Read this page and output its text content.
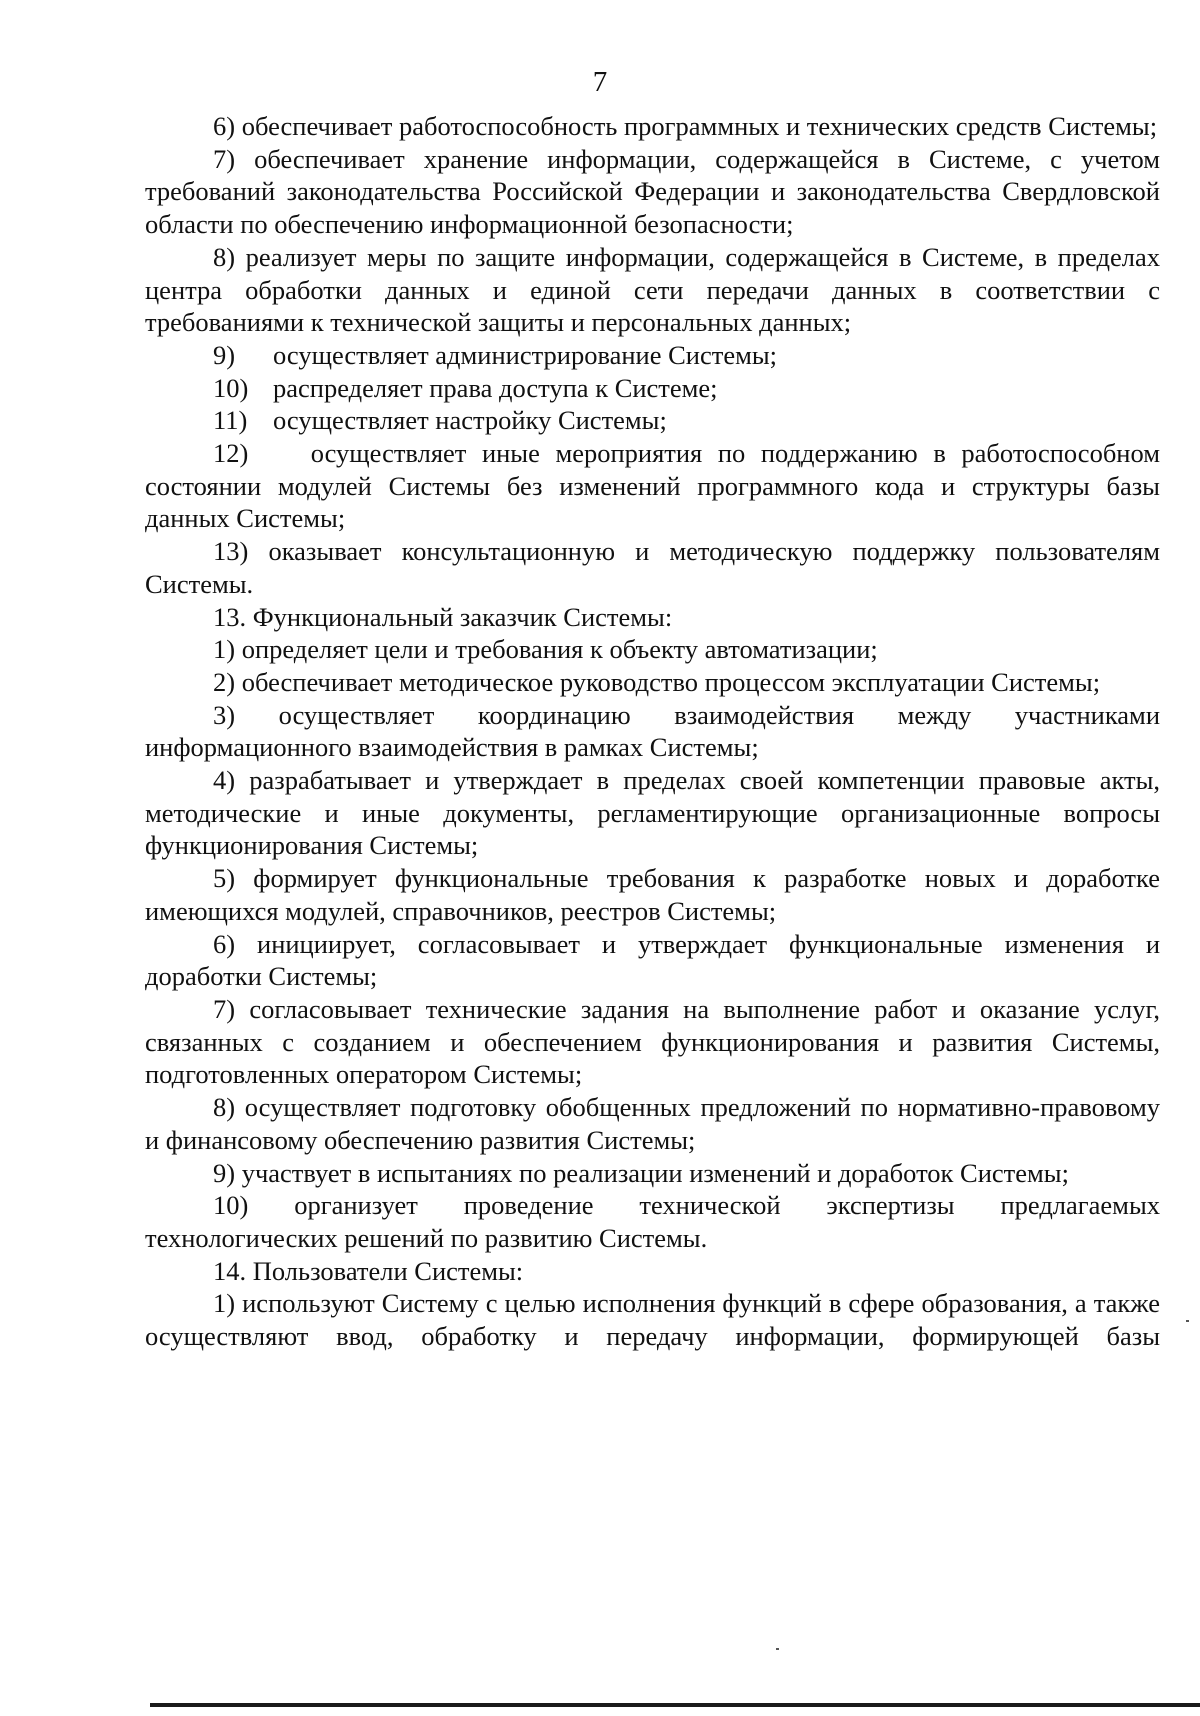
7

6) обеспечивает работоспособность программных и технических средств Системы;

7) обеспечивает хранение информации, содержащейся в Системе, с учетом требований законодательства Российской Федерации и законодательства Свердловской области по обеспечению информационной безопасности;

8) реализует меры по защите информации, содержащейся в Системе, в пределах центра обработки данных и единой сети передачи данных в соответствии с требованиями к технической защиты и персональных данных;

9)	осуществляет администрирование Системы;

10) распределяет права доступа к Системе;

11) осуществляет настройку Системы;

12) осуществляет иные мероприятия по поддержанию в работоспособном состоянии модулей Системы без изменений программного кода и структуры базы данных Системы;

13) оказывает консультационную и методическую поддержку пользователям Системы.

13. Функциональный заказчик Системы:

1) определяет цели и требования к объекту автоматизации;

2) обеспечивает методическое руководство процессом эксплуатации Системы;

3) осуществляет координацию взаимодействия между участниками информационного взаимодействия в рамках Системы;

4) разрабатывает и утверждает в пределах своей компетенции правовые акты, методические и иные документы, регламентирующие организационные вопросы функционирования Системы;

5) формирует функциональные требования к разработке новых и доработке имеющихся модулей, справочников, реестров Системы;

6) инициирует, согласовывает и утверждает функциональные изменения и доработки Системы;

7) согласовывает технические задания на выполнение работ и оказание услуг, связанных с созданием и обеспечением функционирования и развития Системы, подготовленных оператором Системы;

8) осуществляет подготовку обобщенных предложений по нормативно-правовому и финансовому обеспечению развития Системы;

9) участвует в испытаниях по реализации изменений и доработок Системы;

10) организует проведение технической экспертизы предлагаемых технологических решений по развитию Системы.

14. Пользователи Системы:

1) используют Систему с целью исполнения функций в сфере образования, а также осуществляют ввод, обработку и передачу информации, формирующей базы
